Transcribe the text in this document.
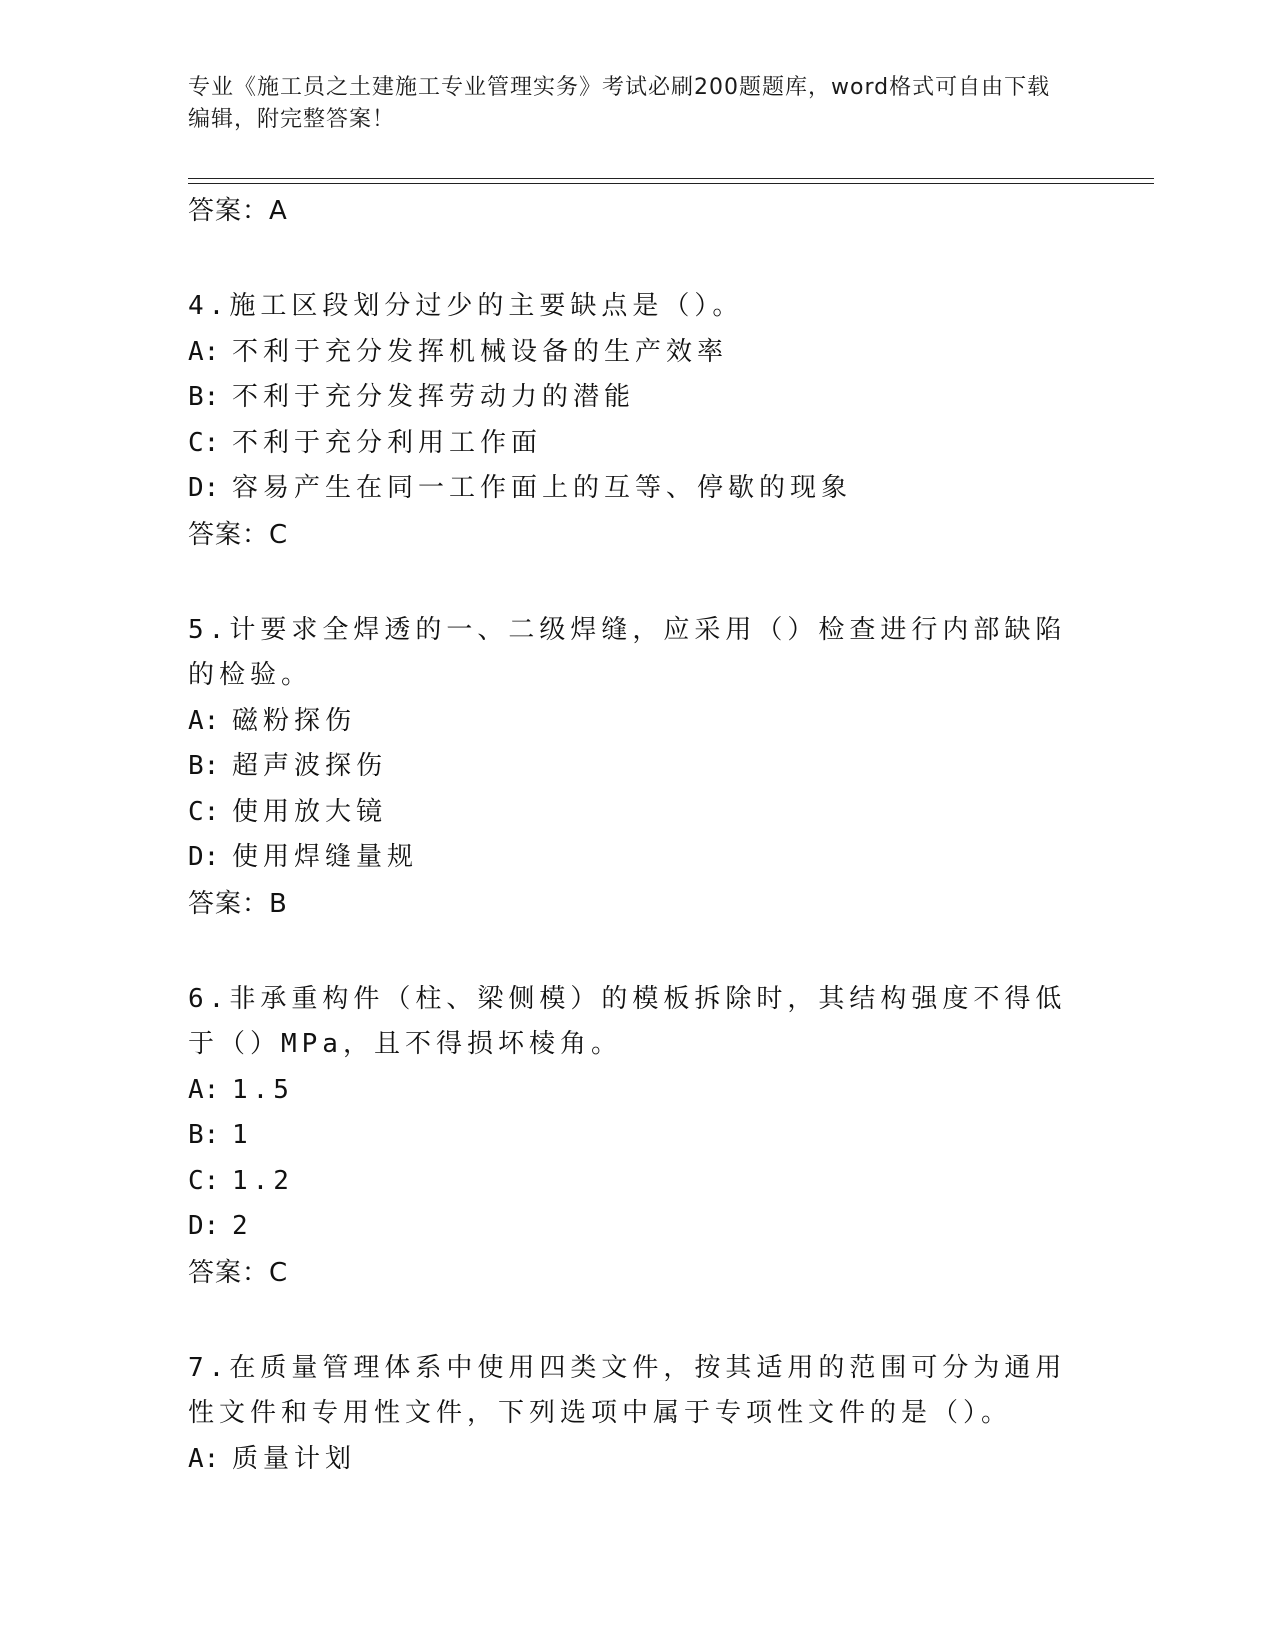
专业《施工员之土建施工专业管理实务》考试必刷200题题库，word格式可自由下载编辑，附完整答案！
答案：A
4.施工区段划分过少的主要缺点是（）。
A: 不利于充分发挥机械设备的生产效率
B: 不利于充分发挥劳动力的潜能
C: 不利于充分利用工作面
D: 容易产生在同一工作面上的互等、停歇的现象
答案：C
5.计要求全焊透的一、二级焊缝，应采用（）检查进行内部缺陷的检验。
A: 磁粉探伤
B: 超声波探伤
C: 使用放大镜
D: 使用焊缝量规
答案：B
6.非承重构件（柱、梁侧模）的模板拆除时，其结构强度不得低于（）MPa，且不得损坏棱角。
A: 1.5
B: 1
C: 1.2
D: 2
答案：C
7.在质量管理体系中使用四类文件，按其适用的范围可分为通用性文件和专用性文件，下列选项中属于专项性文件的是（）。
A: 质量计划
